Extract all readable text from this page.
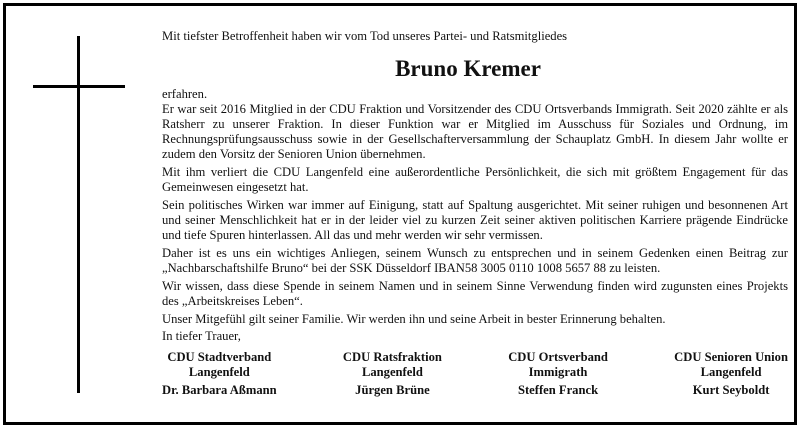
Mit tiefster Betroffenheit haben wir vom Tod unseres Partei- und Ratsmitgliedes
Bruno Kremer

erfahren.

Er war seit 2016 Mitglied in der CDU Fraktion und Vorsitzender des CDU Ortsverbands Immigrath. Seit 2020 zählte er als Ratsherr zu unserer Fraktion. In dieser Funktion war er Mitglied im Ausschuss für Soziales und Ordnung, im Rechnungsprüfungsausschuss sowie in der Gesellschafterversammlung der Schauplatz GmbH. In diesem Jahr wollte er zudem den Vorsitz der Senioren Union übernehmen.

Mit ihm verliert die CDU Langenfeld eine außerordentliche Persönlichkeit, die sich mit größtem Engagement für das Gemeinwesen eingesetzt hat.

Sein politisches Wirken war immer auf Einigung, statt auf Spaltung ausgerichtet. Mit seiner ruhigen und besonnenen Art und seiner Menschlichkeit hat er in der leider viel zu kurzen Zeit seiner aktiven politischen Karriere prägende Eindrücke und tiefe Spuren hinterlassen. All das und mehr werden wir sehr vermissen.

Daher ist es uns ein wichtiges Anliegen, seinem Wunsch zu entsprechen und in seinem Gedenken einen Beitrag zur „Nachbarschaftshilfe Bruno“ bei der SSK Düsseldorf IBAN58 3005 0110 1008 5657 88 zu leisten.

Wir wissen, dass diese Spende in seinem Namen und in seinem Sinne Verwendung finden wird zugunsten eines Projekts des „Arbeitskreises Leben“.

Unser Mitgefühl gilt seiner Familie. Wir werden ihn und seine Arbeit in bester Erinnerung behalten.

In tiefer Trauer,
CDU Stadtverband
Langenfeld
Dr. Barbara Aßmann
CDU Ratsfraktion
Langenfeld
Jürgen Brüne
CDU Ortsverband
Immigrath
Steffen Franck
CDU Senioren Union
Langenfeld
Kurt Seyboldt
